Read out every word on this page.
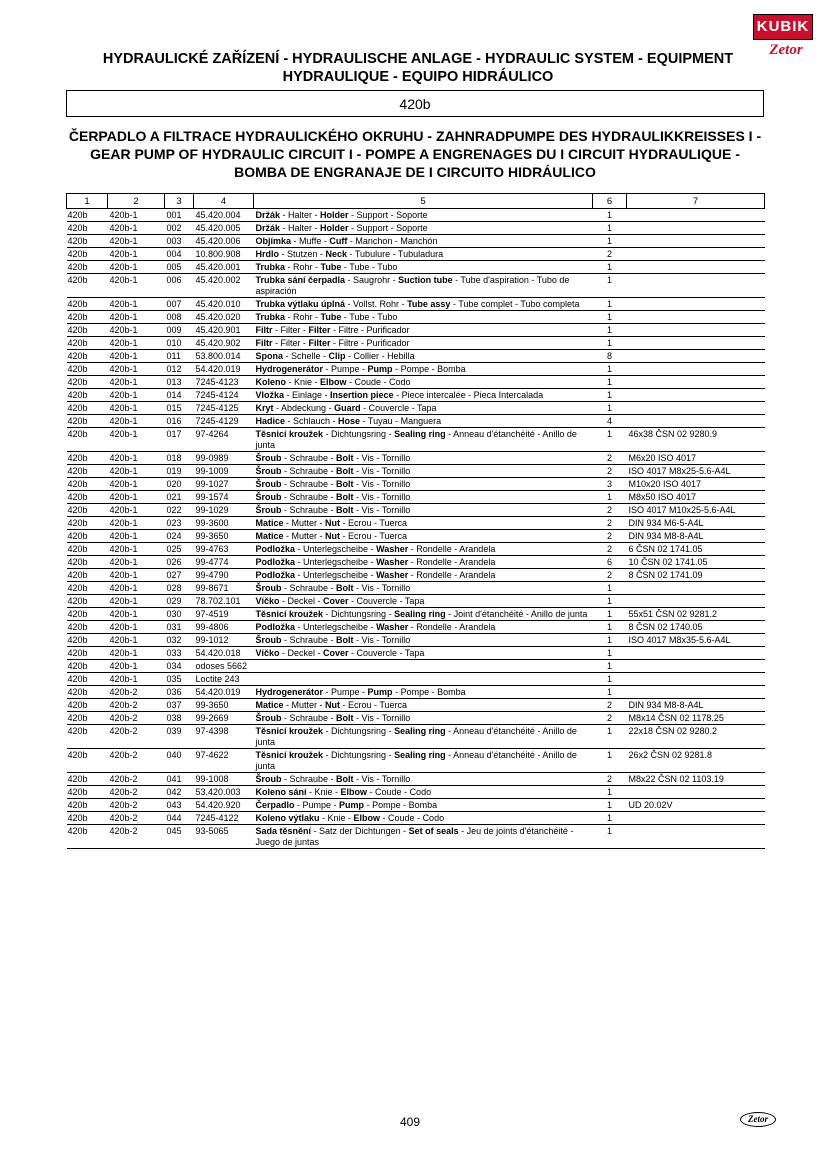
KUBIK
Zetor
HYDRAULICKÉ ZAŘÍZENÍ - HYDRAULISCHE ANLAGE - HYDRAULIC SYSTEM - EQUIPMENT
HYDRAULIQUE - EQUIPO HIDRÁULICO
420b
ČERPADLO A FILTRACE HYDRAULICKÉHO OKRUHU - ZAHNRADPUMPE DES HYDRAULIKKREISSES I -
GEAR PUMP OF HYDRAULIC CIRCUIT I - POMPE A ENGRENAGES DU I CIRCUIT HYDRAULIQUE -
BOMBA DE ENGRANAJE DE I CIRCUITO HIDRÁULICO
1	2	3	4	5	6	7
420b	420b-1	001	45.420.004	Držák - Halter - Holder - Support - Soporte	1	
420b	420b-1	002	45.420.005	Držák - Halter - Holder - Support - Soporte	1	
420b	420b-1	003	45.420.006	Objímka - Muffe - Cuff - Manchon - Manchón	1	
420b	420b-1	004	10.800.908	Hrdlo - Stutzen - Neck - Tubulure - Tubuladura	2	
420b	420b-1	005	45.420.001	Trubka - Rohr - Tube - Tube - Tubo	1	
420b	420b-1	006	45.420.002	Trubka sání čerpadla - Saugrohr - Suction tube - Tube d'aspiration - Tubo de aspiración	1	
420b	420b-1	007	45.420.010	Trubka výtlaku úplná - Vollst. Rohr - Tube assy - Tube complet - Tubo completa	1	
420b	420b-1	008	45.420.020	Trubka - Rohr - Tube - Tube - Tubo	1	
420b	420b-1	009	45.420.901	Filtr - Filter - Filter - Filtre - Purificador	1	
420b	420b-1	010	45.420.902	Filtr - Filter - Filter - Filtre - Purificador	1	
420b	420b-1	011	53.800.014	Spona - Schelle - Clip - Collier - Hebilla	8	
420b	420b-1	012	54.420.019	Hydrogenerátor - Pumpe - Pump - Pompe - Bomba	1	
420b	420b-1	013	7245-4123	Koleno - Knie - Elbow - Coude - Codo	1	
420b	420b-1	014	7245-4124	Vložka - Einlage - Insertion piece - Piece intercalée - Pieca Intercalada	1	
420b	420b-1	015	7245-4125	Kryt - Abdeckung - Guard - Couvercle - Tapa	1	
420b	420b-1	016	7245-4129	Hadice - Schlauch - Hose - Tuyau - Manguera	4	
420b	420b-1	017	97-4264	Těsnicí kroužek - Dichtungsring - Sealing ring - Anneau d'étanchéité - Anillo de junta	1	46x38 ČSN 02 9280.9
420b	420b-1	018	99-0989	Šroub - Schraube - Bolt - Vis - Tornillo	2	M6x20 ISO 4017
420b	420b-1	019	99-1009	Šroub - Schraube - Bolt - Vis - Tornillo	2	ISO 4017 M8x25-5.6-A4L
420b	420b-1	020	99-1027	Šroub - Schraube - Bolt - Vis - Tornillo	3	M10x20 ISO 4017
420b	420b-1	021	99-1574	Šroub - Schraube - Bolt - Vis - Tornillo	1	M8x50 ISO 4017
420b	420b-1	022	99-1029	Šroub - Schraube - Bolt - Vis - Tornillo	2	ISO 4017 M10x25-5.6-A4L
420b	420b-1	023	99-3600	Matice - Mutter - Nut - Ecrou - Tuerca	2	DIN 934 M6-5-A4L
420b	420b-1	024	99-3650	Matice - Mutter - Nut - Ecrou - Tuerca	2	DIN 934 M8-8-A4L
420b	420b-1	025	99-4763	Podložka - Unterlegscheibe - Washer - Rondelle - Arandela	2	6 ČSN 02 1741.05
420b	420b-1	026	99-4774	Podložka - Unterlegscheibe - Washer - Rondelle - Arandela	6	10 ČSN 02 1741.05
420b	420b-1	027	99-4790	Podložka - Unterlegscheibe - Washer - Rondelle - Arandela	2	8 ČSN 02 1741.09
420b	420b-1	028	99-8671	Šroub - Schraube - Bolt - Vis - Tornillo	1	
420b	420b-1	029	78.702.101	Víčko - Deckel - Cover - Couvercle - Tapa	1	
420b	420b-1	030	97-4519	Těsnicí kroužek - Dichtungsring - Sealing ring - Joint d'étanchéité - Anillo de junta	1	55x51 ČSN 02 9281.2
420b	420b-1	031	99-4806	Podložka - Unterlegscheibe - Washer - Rondelle - Arandela	1	8 ČSN 02 1740.05
420b	420b-1	032	99-1012	Šroub - Schraube - Bolt - Vis - Tornillo	1	ISO 4017 M8x35-5.6-A4L
420b	420b-1	033	54.420.018	Víčko - Deckel - Cover - Couvercle - Tapa	1	
420b	420b-1	034	odoses 5662		1	
420b	420b-1	035	Loctite 243		1	
420b	420b-2	036	54.420.019	Hydrogenerátor - Pumpe - Pump - Pompe - Bomba	1	
420b	420b-2	037	99-3650	Matice - Mutter - Nut - Ecrou - Tuerca	2	DIN 934 M8-8-A4L
420b	420b-2	038	99-2669	Šroub - Schraube - Bolt - Vis - Tornillo	2	M8x14 ČSN 02 1178.25
420b	420b-2	039	97-4398	Těsnicí kroužek - Dichtungsring - Sealing ring - Anneau d'étanchéité - Anillo de junta	1	22x18 ČSN 02 9280.2
420b	420b-2	040	97-4622	Těsnicí kroužek - Dichtungsring - Sealing ring - Anneau d'étanchéité - Anillo de junta	1	26x2 ČSN 02 9281.8
420b	420b-2	041	99-1008	Šroub - Schraube - Bolt - Vis - Tornillo	2	M8x22 ČSN 02 1103.19
420b	420b-2	042	53.420.003	Koleno sání - Knie - Elbow - Coude - Codo	1	
420b	420b-2	043	54.420.920	Čerpadlo - Pumpe - Pump - Pompe - Bomba	1	UD 20.02V
420b	420b-2	044	7245-4122	Koleno výtlaku - Knie - Elbow - Coude - Codo	1	
420b	420b-2	045	93-5065	Sada těsnění - Satz der Dichtungen - Set of seals - Jeu de joints d'étanchéité - Juego de juntas	1	
409	Zetor
